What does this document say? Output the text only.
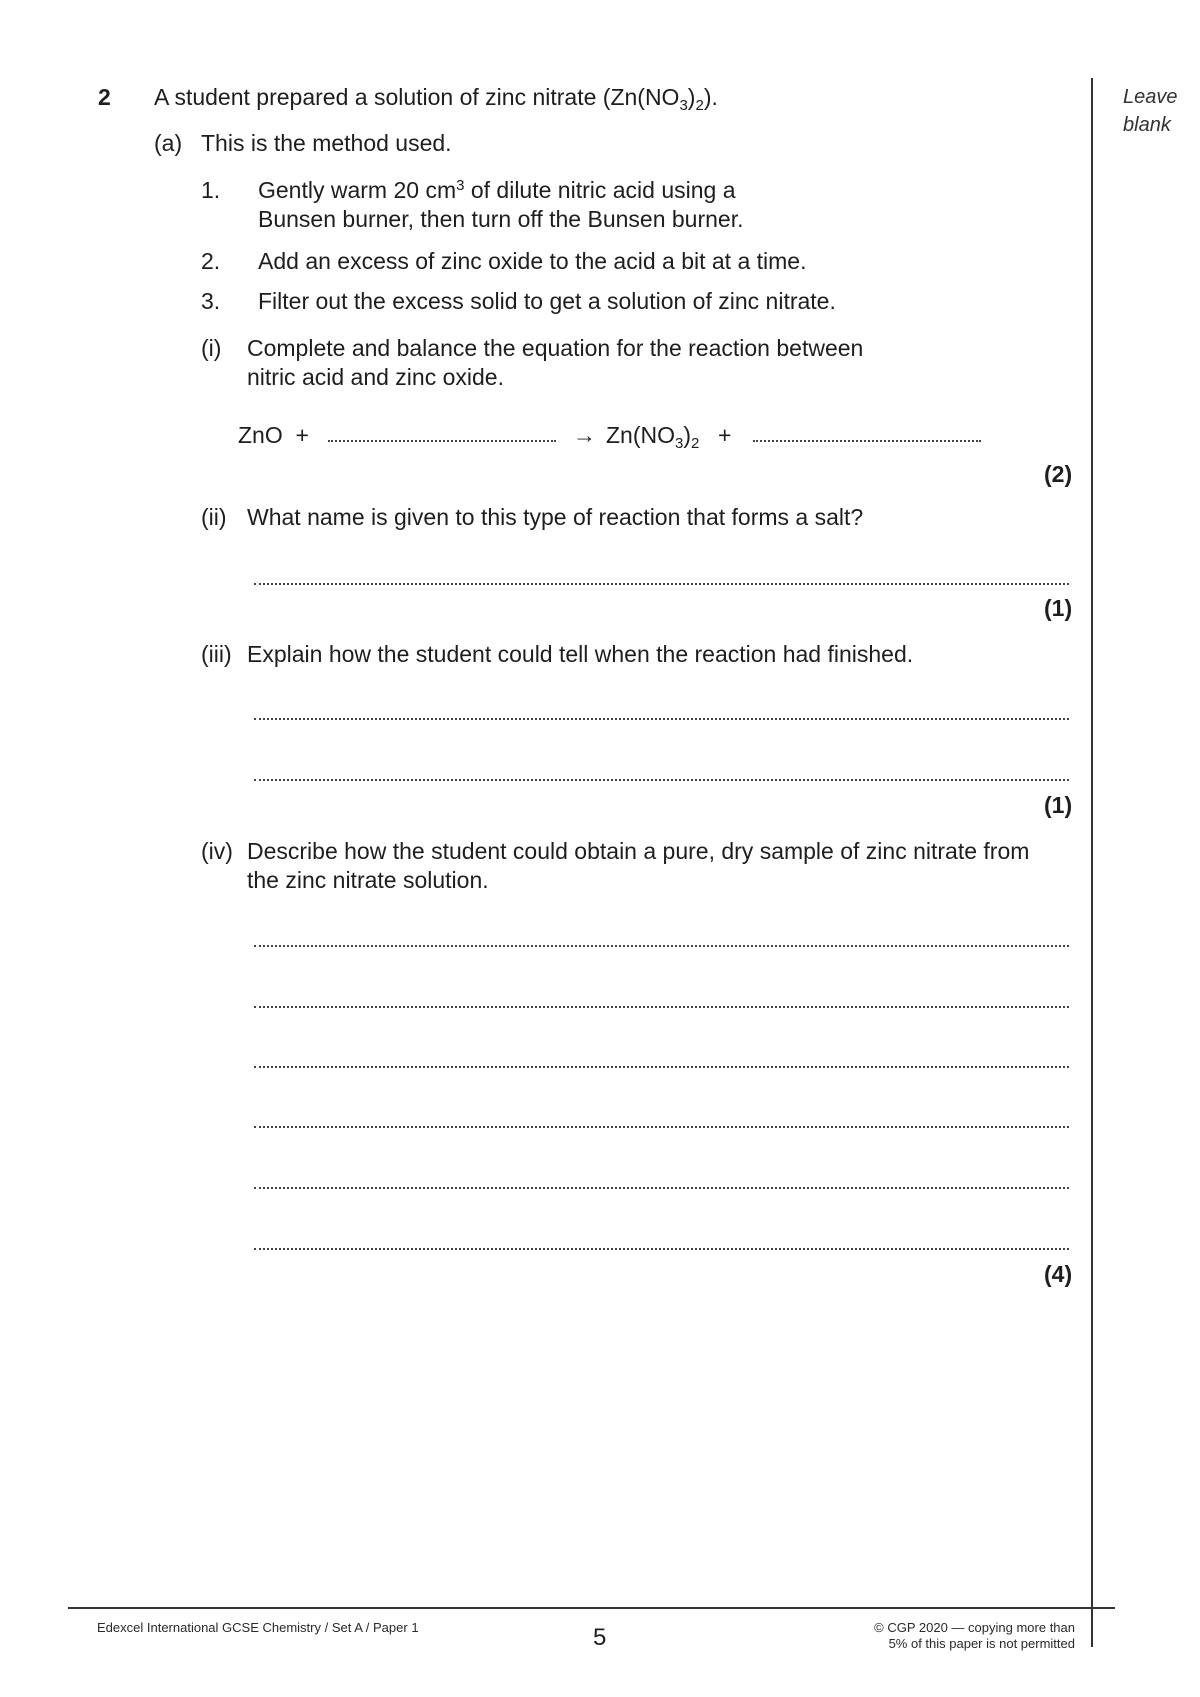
Leave
blank
2 A student prepared a solution of zinc nitrate $(Zn(NO_3)_2)$.
(a) This is the method used.
1. Gently warm 20 $cm^3$ of dilute nitric acid using a
Bunsen burner, then turn off the Bunsen burner.
2. Add an excess of zinc oxide to the acid a bit at a time.
3. Filter out the excess solid to get a solution of zinc nitrate.
(i) Complete and balance the equation for the reaction between
nitric acid and zinc oxide.
ZnO  +	→ $Zn(NO_3)_2$ +
(2)
(ii) What name is given to this type of reaction that forms a salt?
(1)
(iii) Explain how the student could tell when the reaction had finished.
(1)
(iv) Describe how the student could obtain a pure, dry sample of zinc nitrate from
the zinc nitrate solution.
(4)
Edexcel International GCSE Chemistry / Set A / Paper 1	5	© CGP 2020 — copying more than
5% of this paper is not permitted
